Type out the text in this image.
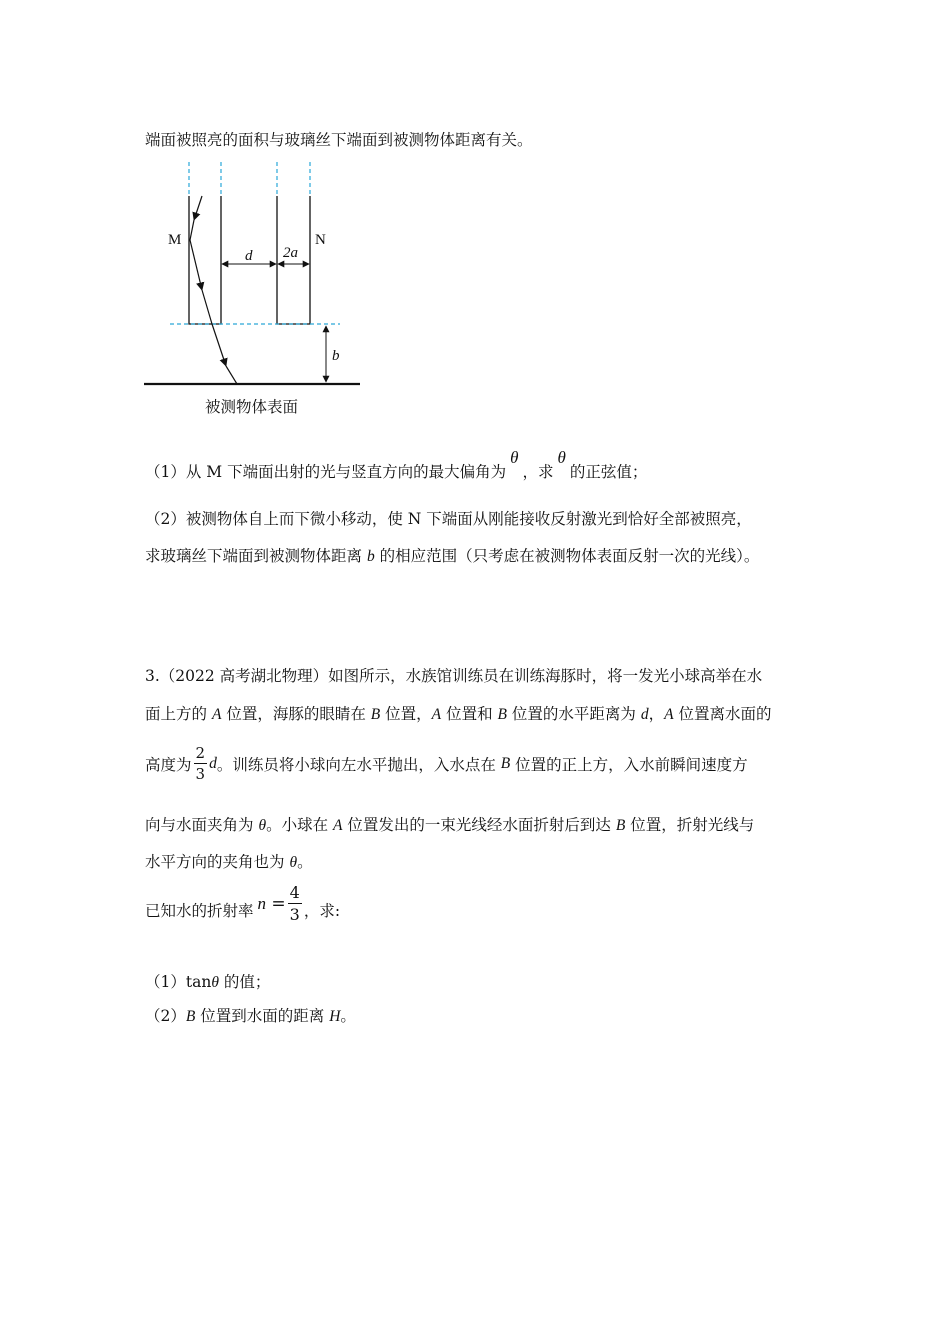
端面被照亮的面积与玻璃丝下端面到被测物体距离有关。
M	N
d 2a
b
被测物体表面
（1）从 M 下端面出射的光与竖直方向的最大偏角为θ，求θ的正弦值；
（2）被测物体自上而下微小移动，使 N 下端面从刚能接收反射激光到恰好全部被照亮，
求玻璃丝下端面到被测物体距离 b 的相应范围（只考虑在被测物体表面反射一次的光线）。
3.（2022 高考湖北物理）如图所示，水族馆训练员在训练海豚时，将一发光小球高举在水
面上方的 A 位置，海豚的眼睛在 B 位置，A 位置和 B 位置的水平距离为 d，A 位置离水面的
高度为 $\frac{2}{3}$ d。训练员将小球向左水平抛出，入水点在 B 位置的正上方，入水前瞬间速度方
向与水面夹角为 θ。小球在 A 位置发出的一束光线经水面折射后到达 B 位置，折射光线与
水平方向的夹角也为 θ。
已知水的折射率 $n = \frac{4}{3}$ ，求:
（1）tanθ 的值；
（2）B 位置到水面的距离 H。
